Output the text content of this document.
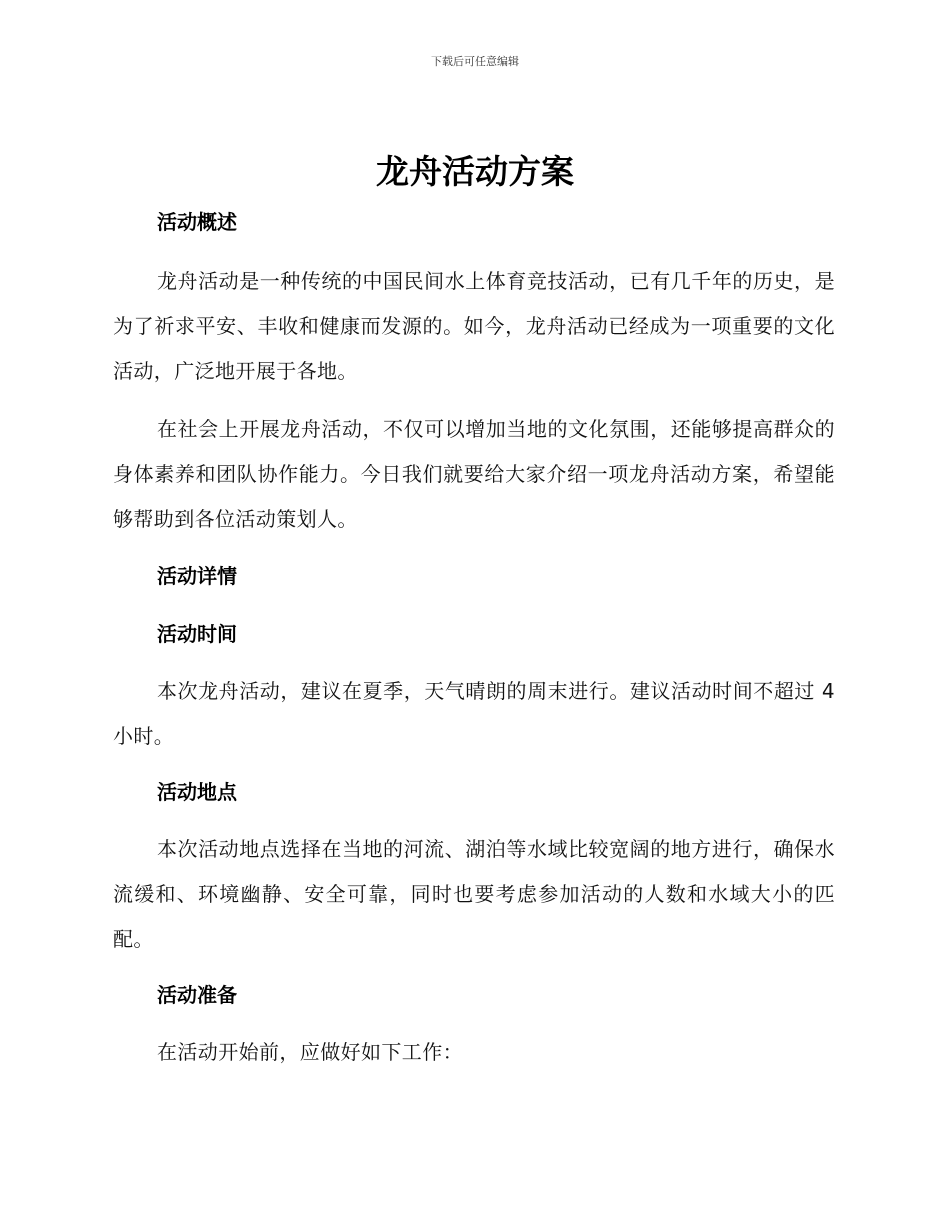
下载后可任意编辑
龙舟活动方案

活动概述

龙舟活动是一种传统的中国民间水上体育竞技活动，已有几千年的历史，是为了祈求平安、丰收和健康而发源的。如今，龙舟活动已经成为一项重要的文化活动，广泛地开展于各地。

在社会上开展龙舟活动，不仅可以增加当地的文化氛围，还能够提高群众的身体素养和团队协作能力。今日我们就要给大家介绍一项龙舟活动方案，希望能够帮助到各位活动策划人。

活动详情

活动时间

本次龙舟活动，建议在夏季，天气晴朗的周末进行。建议活动时间不超过 4 小时。

活动地点

本次活动地点选择在当地的河流、湖泊等水域比较宽阔的地方进行，确保水流缓和、环境幽静、安全可靠，同时也要考虑参加活动的人数和水域大小的匹配。

活动准备

在活动开始前，应做好如下工作：
